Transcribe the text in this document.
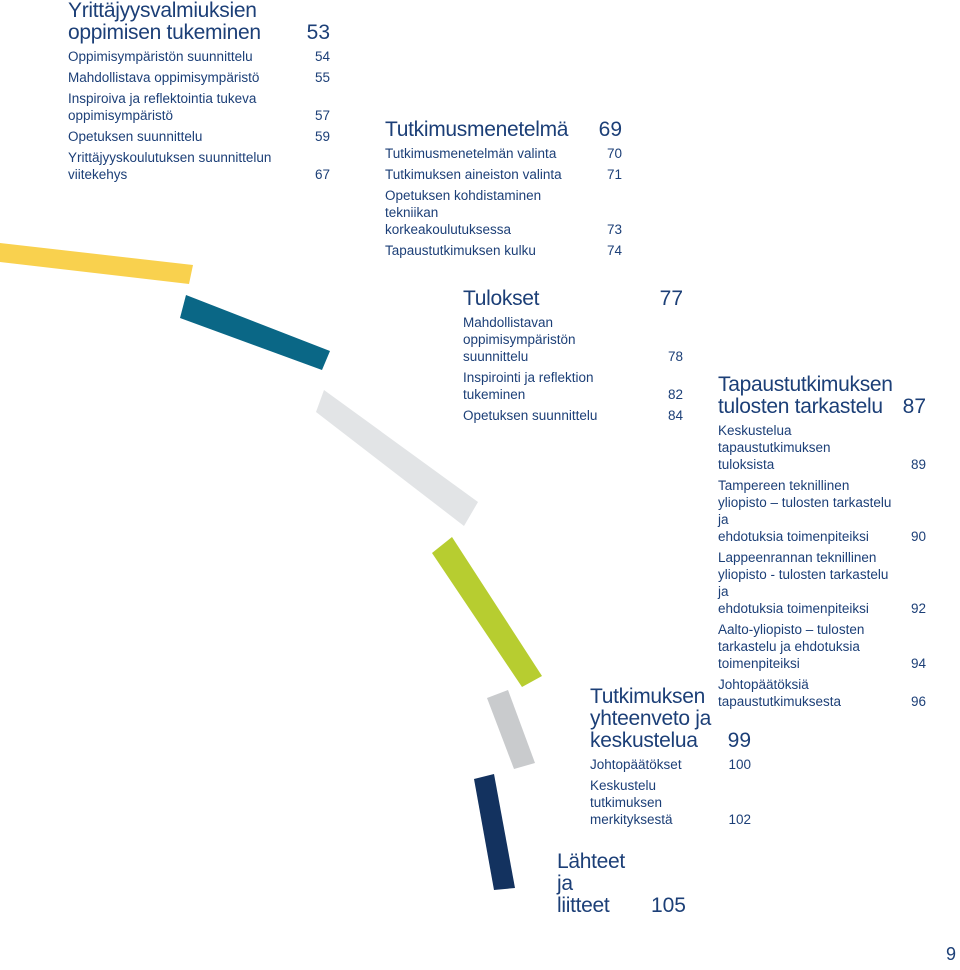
Yrittäjyysvalmiuksien
oppimisen tukeminen 53
Oppimisympäristön suunnittelu	54
Mahdollistava oppimisympäristö	55
Inspiroiva ja reflektointia tukeva
oppimisympäristö	57
Opetuksen suunnittelu	59
Yrittäjyyskoulutuksen suunnittelun
viitekehys	67
Tutkimusmenetelmä 69
Tutkimusmenetelmän valinta	70
Tutkimuksen aineiston valinta	71
Opetuksen kohdistaminen tekniikan
korkeakoulutuksessa	73
Tapaustutkimuksen kulku	74
Tulokset	77
Mahdollistavan oppimisympäristön
suunnittelu	78
Inspirointi ja reflektion
tukeminen	82
Opetuksen suunnittelu	84
Tapaustutkimuksen
tulosten tarkastelu 87
Keskustelua tapaustutkimuksen
tuloksista	89
Tampereen teknillinen
yliopisto – tulosten tarkastelu ja
ehdotuksia toimenpiteiksi	90
Lappeenrannan teknillinen
yliopisto - tulosten tarkastelu ja
ehdotuksia toimenpiteiksi	92
Aalto-yliopisto – tulosten
tarkastelu ja ehdotuksia
toimenpiteiksi	94
Johtopäätöksiä
tapaustutkimuksesta	96
Tutkimuksen
yhteenveto ja
keskustelua	99
Johtopäätökset	100
Keskustelu tutkimuksen
merkityksestä	102
Lähteet ja
liitteet	105
9
